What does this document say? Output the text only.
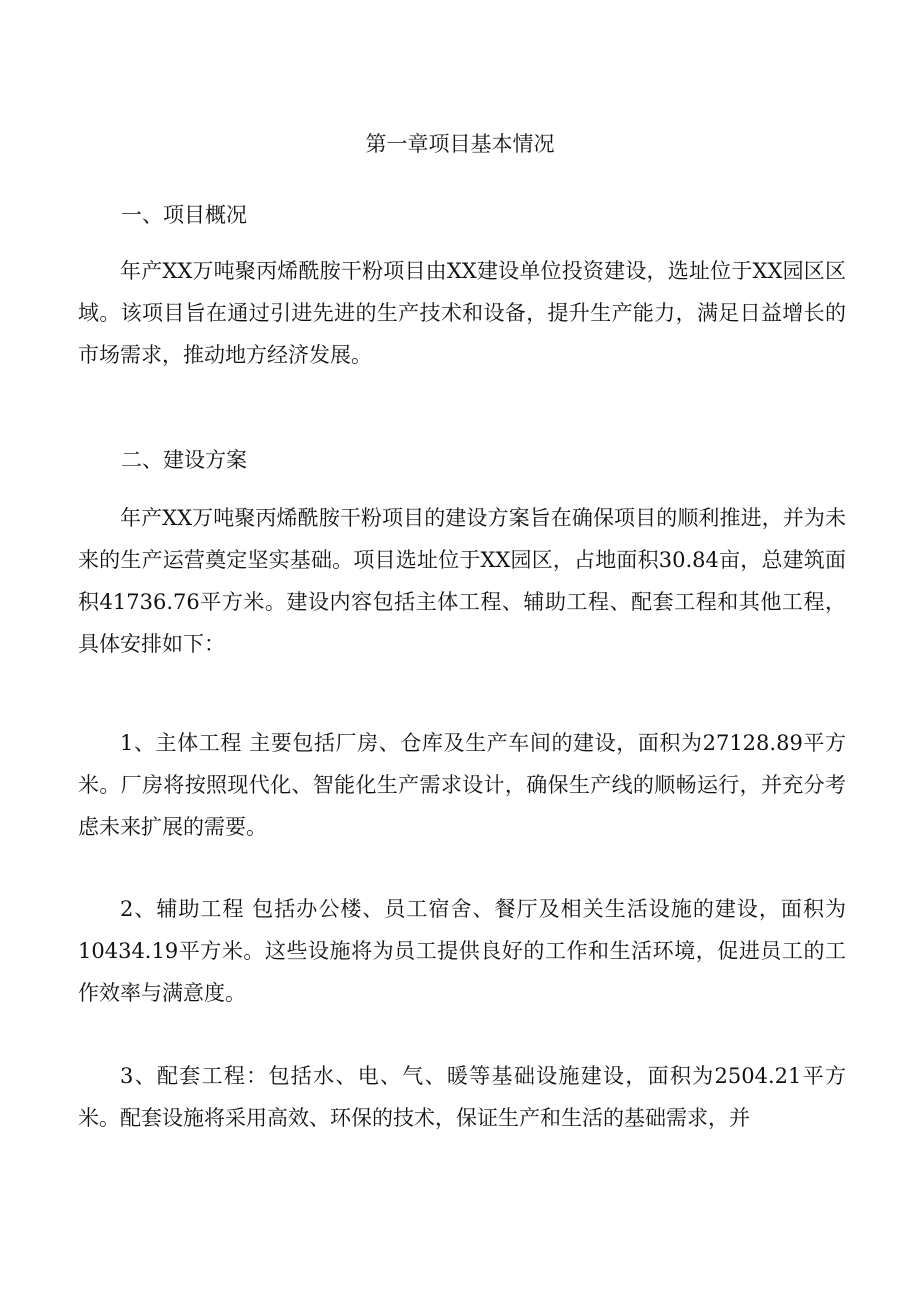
第一章项目基本情况
一、项目概况

年产XX万吨聚丙烯酰胺干粉项目由XX建设单位投资建设，选址位于XX园区区域。该项目旨在通过引进先进的生产技术和设备，提升生产能力，满足日益增长的市场需求，推动地方经济发展。

二、建设方案

年产XX万吨聚丙烯酰胺干粉项目的建设方案旨在确保项目的顺利推进，并为未来的生产运营奠定坚实基础。项目选址位于XX园区，占地面积30.84亩，总建筑面积41736.76平方米。建设内容包括主体工程、辅助工程、配套工程和其他工程，具体安排如下：

1、主体工程 主要包括厂房、仓库及生产车间的建设，面积为27128.89平方米。厂房将按照现代化、智能化生产需求设计，确保生产线的顺畅运行，并充分考虑未来扩展的需要。

2、辅助工程 包括办公楼、员工宿舍、餐厅及相关生活设施的建设，面积为10434.19平方米。这些设施将为员工提供良好的工作和生活环境，促进员工的工作效率与满意度。

3、配套工程：包括水、电、气、暖等基础设施建设，面积为2504.21平方米。配套设施将采用高效、环保的技术，保证生产和生活的基础需求，并
